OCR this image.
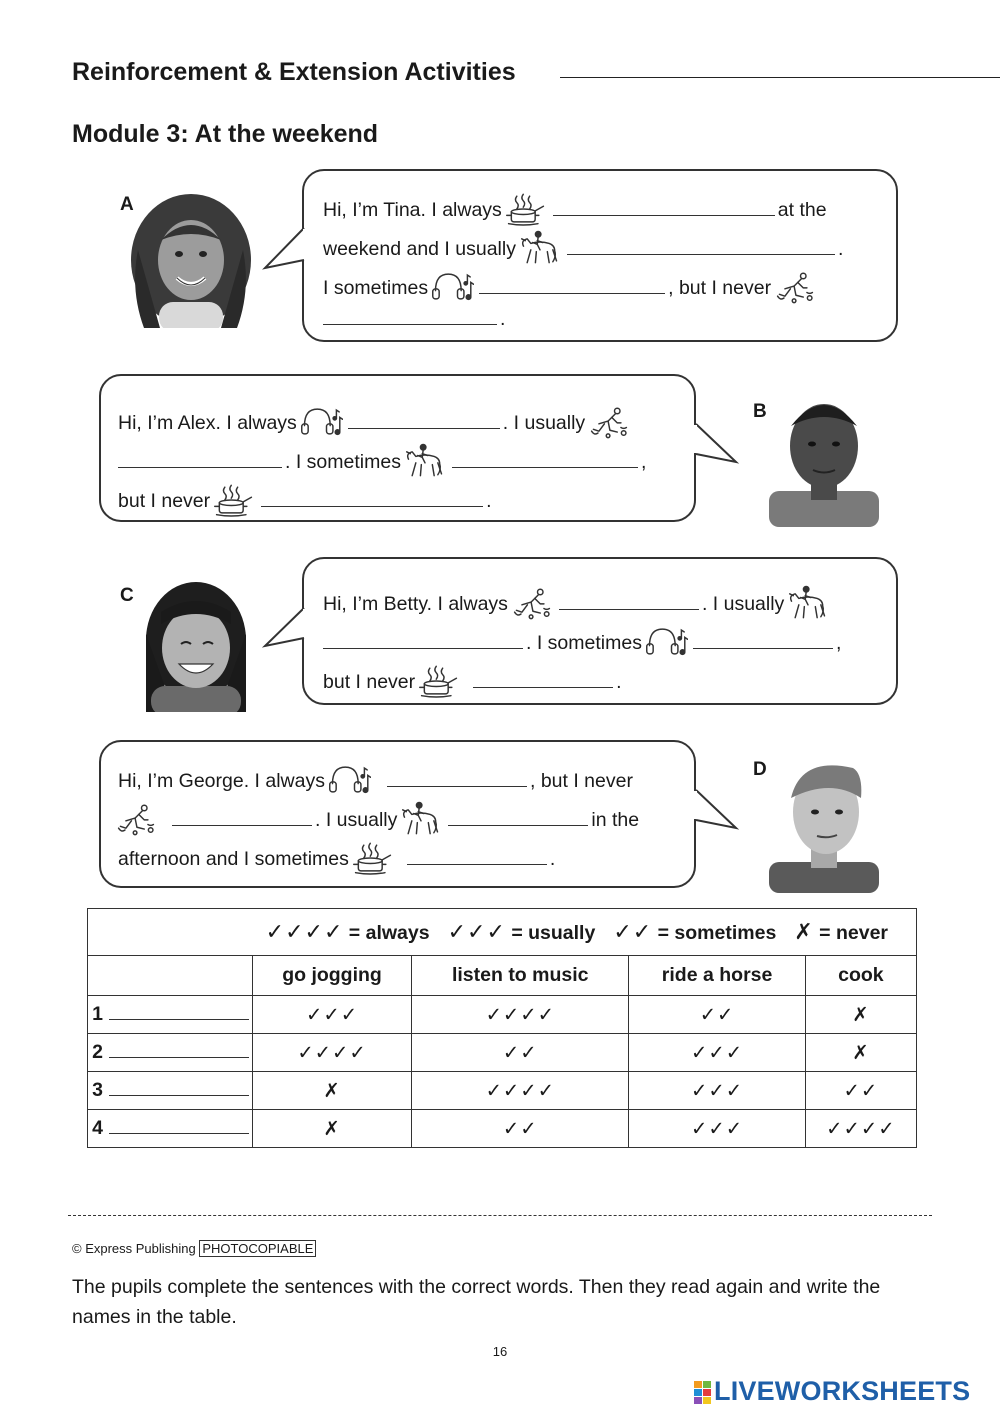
Reinforcement & Extension Activities
Module 3: At the weekend
A	Hi, I’m Tina. I always	at the
weekend and I usually	.
I sometimes	, but I never
.
B
Hi, I’m Alex. I always	. I usually
. I sometimes	,
but I never	.
C	Hi, I’m Betty. I always	. I usually
. I sometimes	,
but I never	.
D
Hi, I’m George. I always	, but I never
. I usually	in the
afternoon and I sometimes	.
✓✓✓✓ = always ✓✓✓ = usually ✓✓ = sometimes ✗ = never				

	go jogging	listen to music	ride a horse	cook
1	✓✓✓	✓✓✓✓	✓✓	✗
2	✓✓✓✓	✓✓	✓✓✓	✗
3	✗	✓✓✓✓	✓✓✓	✓✓
4	✗	✓✓	✓✓✓	✓✓✓✓
© Express Publishing PHOTOCOPIABLE
The pupils complete the sentences with the correct words. Then they read again and write the names in the table.
16
LIVEWORKSHEETS
